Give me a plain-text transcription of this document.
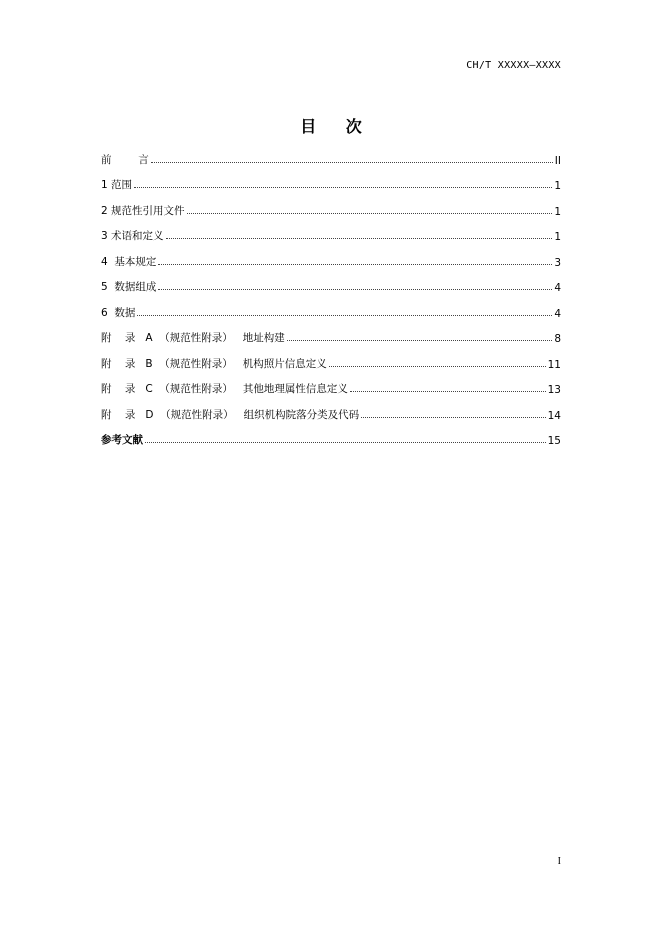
CH/T XXXXX—XXXX
目 次
前        言	II
1 范围	1
2 规范性引用文件	1
3 术语和定义	1
4  基本规定	3
5  数据组成	4
6  数据	4
附    录   A  （规范性附录）   地址构建	8
附    录   B  （规范性附录）   机构照片信息定义	11
附    录   C  （规范性附录）   其他地理属性信息定义	13
附    录   D  （规范性附录）   组织机构院落分类及代码	14
参考文献	15
I
